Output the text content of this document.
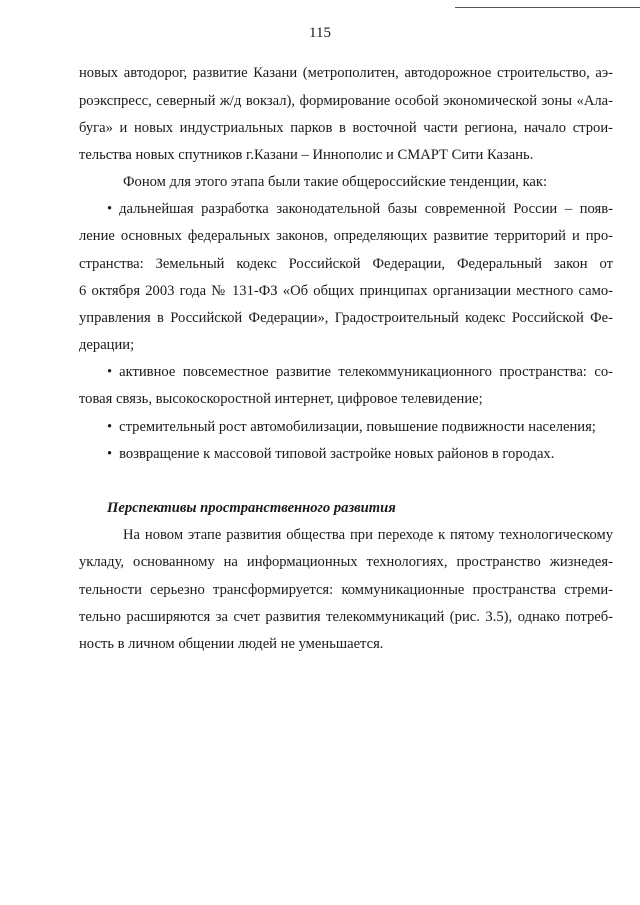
115
новых автодорог, развитие Казани (метрополитен, автодорожное строительство, аэ-
роэкспресс, северный ж/д вокзал), формирование особой экономической зоны «Ала-
буга» и новых индустриальных парков в восточной части региона, начало строи-
тельства новых спутников г.Казани – Иннополис и СМАРТ Сити Казань.
Фоном для этого этапа были такие общероссийские тенденции, как:
• дальнейшая разработка законодательной базы современной России – появ-
ление основных федеральных законов, определяющих развитие территорий и про-
странства: Земельный кодекс Российской Федерации, Федеральный закон от
6 октября 2003 года № 131-ФЗ «Об общих принципах организации местного само-
управления в Российской Федерации», Градостроительный кодекс Российской Фе-
дерации;
• активное повсеместное развитие телекоммуникационного пространства: со-
товая связь, высокоскоростной интернет, цифровое телевидение;
• стремительный рост автомобилизации, повышение подвижности населения;
• возвращение к массовой типовой застройке новых районов в городах.
Перспективы пространственного развития
На новом этапе развития общества при переходе к пятому технологическому
укладу, основанному на информационных технологиях, пространство жизнедея-
тельности серьезно трансформируется: коммуникационные пространства стреми-
тельно расширяются за счет развития телекоммуникаций (рис. 3.5), однако потреб-
ность в личном общении людей не уменьшается.
